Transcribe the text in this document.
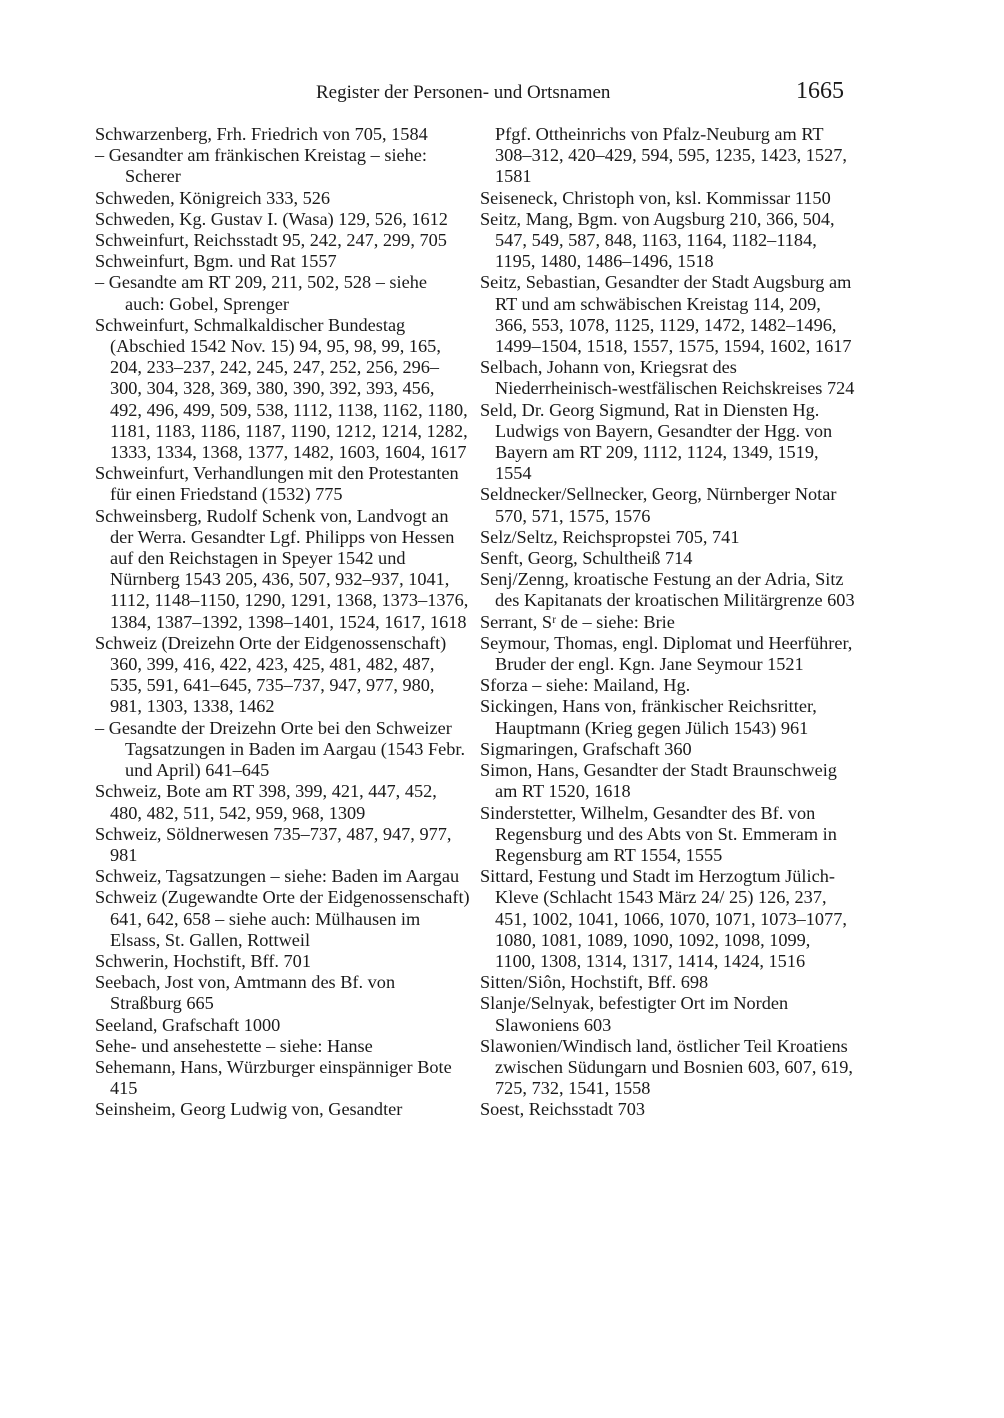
Register der Personen- und Ortsnamen	1665

Schwarzenberg, Frh. Friedrich von 705, 1584

– Gesandter am fränkischen Kreistag – siehe: Scherer

Schweden, Königreich 333, 526

Schweden, Kg. Gustav I. (Wasa) 129, 526, 1612

Schweinfurt, Reichsstadt 95, 242, 247, 299, 705

Schweinfurt, Bgm. und Rat 1557

– Gesandte am RT 209, 211, 502, 528 – siehe auch: Gobel, Sprenger

Schweinfurt, Schmalkaldischer Bundestag (Abschied 1542 Nov. 15) 94, 95, 98, 99, 165, 204, 233–237, 242, 245, 247, 252, 256, 296–300, 304, 328, 369, 380, 390, 392, 393, 456, 492, 496, 499, 509, 538, 1112, 1138, 1162, 1180, 1181, 1183, 1186, 1187, 1190, 1212, 1214, 1282, 1333, 1334, 1368, 1377, 1482, 1603, 1604, 1617

Schweinfurt, Verhandlungen mit den Protestanten für einen Friedstand (1532) 775

Schweinsberg, Rudolf Schenk von, Landvogt an der Werra. Gesandter Lgf. Philipps von Hessen auf den Reichstagen in Speyer 1542 und Nürnberg 1543 205, 436, 507, 932–937, 1041, 1112, 1148–1150, 1290, 1291, 1368, 1373–1376, 1384, 1387–1392, 1398–1401, 1524, 1617, 1618

Schweiz (Dreizehn Orte der Eidgenossenschaft) 360, 399, 416, 422, 423, 425, 481, 482, 487, 535, 591, 641–645, 735–737, 947, 977, 980, 981, 1303, 1338, 1462

– Gesandte der Dreizehn Orte bei den Schweizer Tagsatzungen in Baden im Aargau (1543 Febr. und April) 641–645

Schweiz, Bote am RT 398, 399, 421, 447, 452, 480, 482, 511, 542, 959, 968, 1309

Schweiz, Söldnerwesen 735–737, 487, 947, 977, 981

Schweiz, Tagsatzungen – siehe: Baden im Aargau

Schweiz (Zugewandte Orte der Eidgenossenschaft) 641, 642, 658 – siehe auch: Mülhausen im Elsass, St. Gallen, Rottweil

Schwerin, Hochstift, Bff. 701

Seebach, Jost von, Amtmann des Bf. von Straßburg 665

Seeland, Grafschaft 1000

Sehe- und ansehestette – siehe: Hanse

Sehemann, Hans, Würzburger einspänniger Bote 415

Seinsheim, Georg Ludwig von, Gesandter

Pfgf. Ottheinrichs von Pfalz-Neuburg am RT 308–312, 420–429, 594, 595, 1235, 1423, 1527, 1581

Seiseneck, Christoph von, ksl. Kommissar 1150

Seitz, Mang, Bgm. von Augsburg 210, 366, 504, 547, 549, 587, 848, 1163, 1164, 1182–1184, 1195, 1480, 1486–1496, 1518

Seitz, Sebastian, Gesandter der Stadt Augsburg am RT und am schwäbischen Kreistag 114, 209, 366, 553, 1078, 1125, 1129, 1472, 1482–1496, 1499–1504, 1518, 1557, 1575, 1594, 1602, 1617

Selbach, Johann von, Kriegsrat des Niederrheinisch-westfälischen Reichskreises 724

Seld, Dr. Georg Sigmund, Rat in Diensten Hg. Ludwigs von Bayern, Gesandter der Hgg. von Bayern am RT 209, 1112, 1124, 1349, 1519, 1554

Seldnecker/Sellnecker, Georg, Nürnberger Notar 570, 571, 1575, 1576

Selz/Seltz, Reichspropstei 705, 741

Senft, Georg, Schultheiß 714

Senj/Zenng, kroatische Festung an der Adria, Sitz des Kapitanats der kroatischen Militärgrenze 603

Serrant, Sʳ de – siehe: Brie

Seymour, Thomas, engl. Diplomat und Heerführer, Bruder der engl. Kgn. Jane Seymour 1521

Sforza – siehe: Mailand, Hg.

Sickingen, Hans von, fränkischer Reichsritter, Hauptmann (Krieg gegen Jülich 1543) 961

Sigmaringen, Grafschaft 360

Simon, Hans, Gesandter der Stadt Braunschweig am RT 1520, 1618

Sinderstetter, Wilhelm, Gesandter des Bf. von Regensburg und des Abts von St. Emmeram in Regensburg am RT 1554, 1555

Sittard, Festung und Stadt im Herzogtum Jülich-Kleve (Schlacht 1543 März 24/ 25) 126, 237, 451, 1002, 1041, 1066, 1070, 1071, 1073–1077, 1080, 1081, 1089, 1090, 1092, 1098, 1099, 1100, 1308, 1314, 1317, 1414, 1424, 1516

Sitten/Siôn, Hochstift, Bff. 698

Slanje/Selnyak, befestigter Ort im Norden Slawoniens 603

Slawonien/Windisch land, östlicher Teil Kroatiens zwischen Südungarn und Bosnien 603, 607, 619, 725, 732, 1541, 1558

Soest, Reichsstadt 703
